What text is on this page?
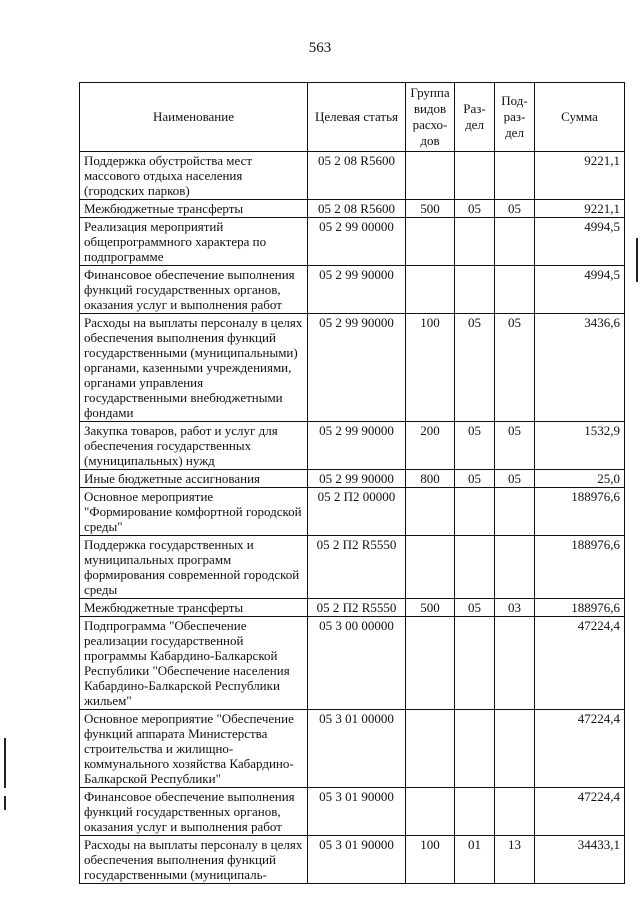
563
Наименование	Целевая статья	Группа видов расхо- дов	Раз- дел	Под- раз- дел	Сумма
Поддержка обустройства мест массового отдыха населения (городских парков)	05 2 08 R5600				9221,1
Межбюджетные трансферты	05 2 08 R5600	500	05	05	9221,1
Реализация мероприятий общепрограммного характера по подпрограмме	05 2 99 00000				4994,5
Финансовое обеспечение выполнения функций государственных органов, оказания услуг и выполнения работ	05 2 99 90000				4994,5
Расходы на выплаты персоналу в целях обеспечения выполнения функций государственными (муниципальными) органами, казенными учреждениями, органами управления государственными внебюджетными фондами	05 2 99 90000	100	05	05	3436,6
Закупка товаров, работ и услуг для обеспечения государственных (муниципальных) нужд	05 2 99 90000	200	05	05	1532,9
Иные бюджетные ассигнования	05 2 99 90000	800	05	05	25,0
Основное мероприятие "Формирование комфортной городской среды"	05 2 П2 00000				188976,6
Поддержка государственных и муниципальных программ формирования современной городской среды	05 2 П2 R5550				188976,6
Межбюджетные трансферты	05 2 П2 R5550	500	05	03	188976,6
Подпрограмма "Обеспечение реализации государственной программы Кабардино-Балкарской Республики "Обеспечение населения Кабардино-Балкарской Республики жильем"	05 3 00 00000				47224,4
Основное мероприятие "Обеспечение функций аппарата Министерства строительства и жилищно-коммунального хозяйства Кабардино-Балкарской Республики"	05 3 01 00000				47224,4
Финансовое обеспечение выполнения функций государственных органов, оказания услуг и выполнения работ	05 3 01 90000				47224,4
Расходы на выплаты персоналу в целях обеспечения выполнения функций государственными (муниципаль-	05 3 01 90000	100	01	13	34433,1
